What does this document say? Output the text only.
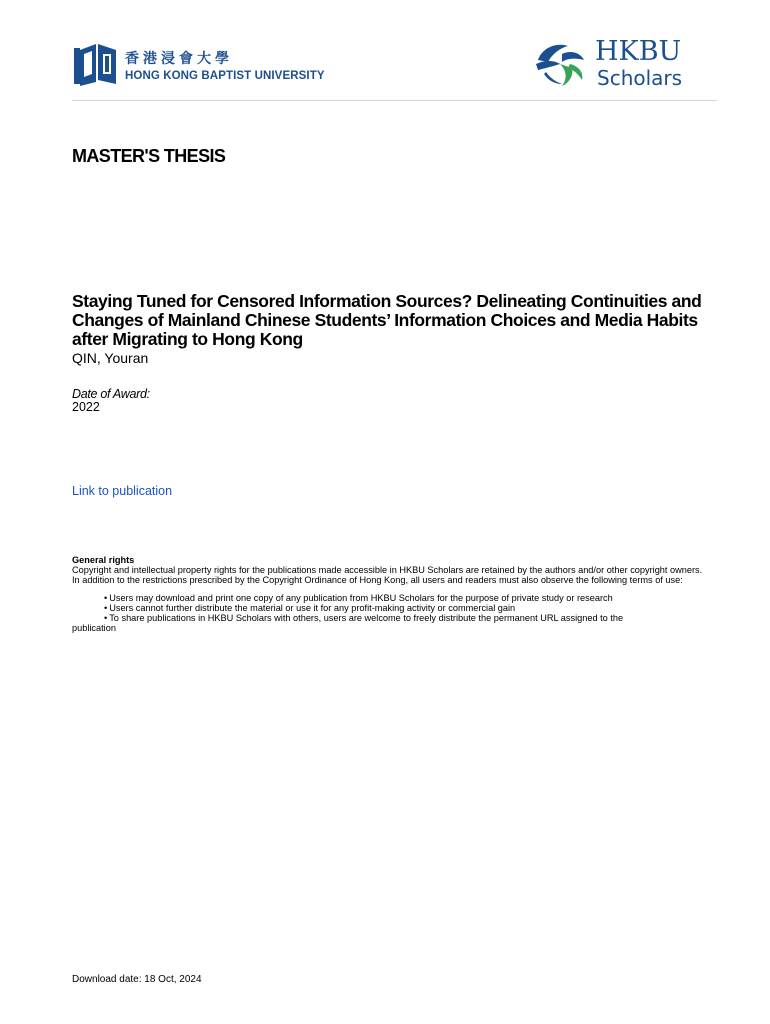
香港浸會大學
HONG KONG BAPTIST UNIVERSITY
HKBU
Scholars
MASTER'S THESIS
Staying Tuned for Censored Information Sources? Delineating Continuities and Changes of Mainland Chinese Students’ Information Choices and Media Habits after Migrating to Hong Kong
QIN, Youran
Date of Award:
2022
Link to publication
General rights

Copyright and intellectual property rights for the publications made accessible in HKBU Scholars are retained by the authors and/or other copyright owners. In addition to the restrictions prescribed by the Copyright Ordinance of Hong Kong, all users and readers must also observe the following terms of use:

• Users may download and print one copy of any publication from HKBU Scholars for the purpose of private study or research
• Users cannot further distribute the material or use it for any profit-making activity or commercial gain
• To share publications in HKBU Scholars with others, users are welcome to freely distribute the permanent URL assigned to the

publication

Download date: 18 Oct, 2024
